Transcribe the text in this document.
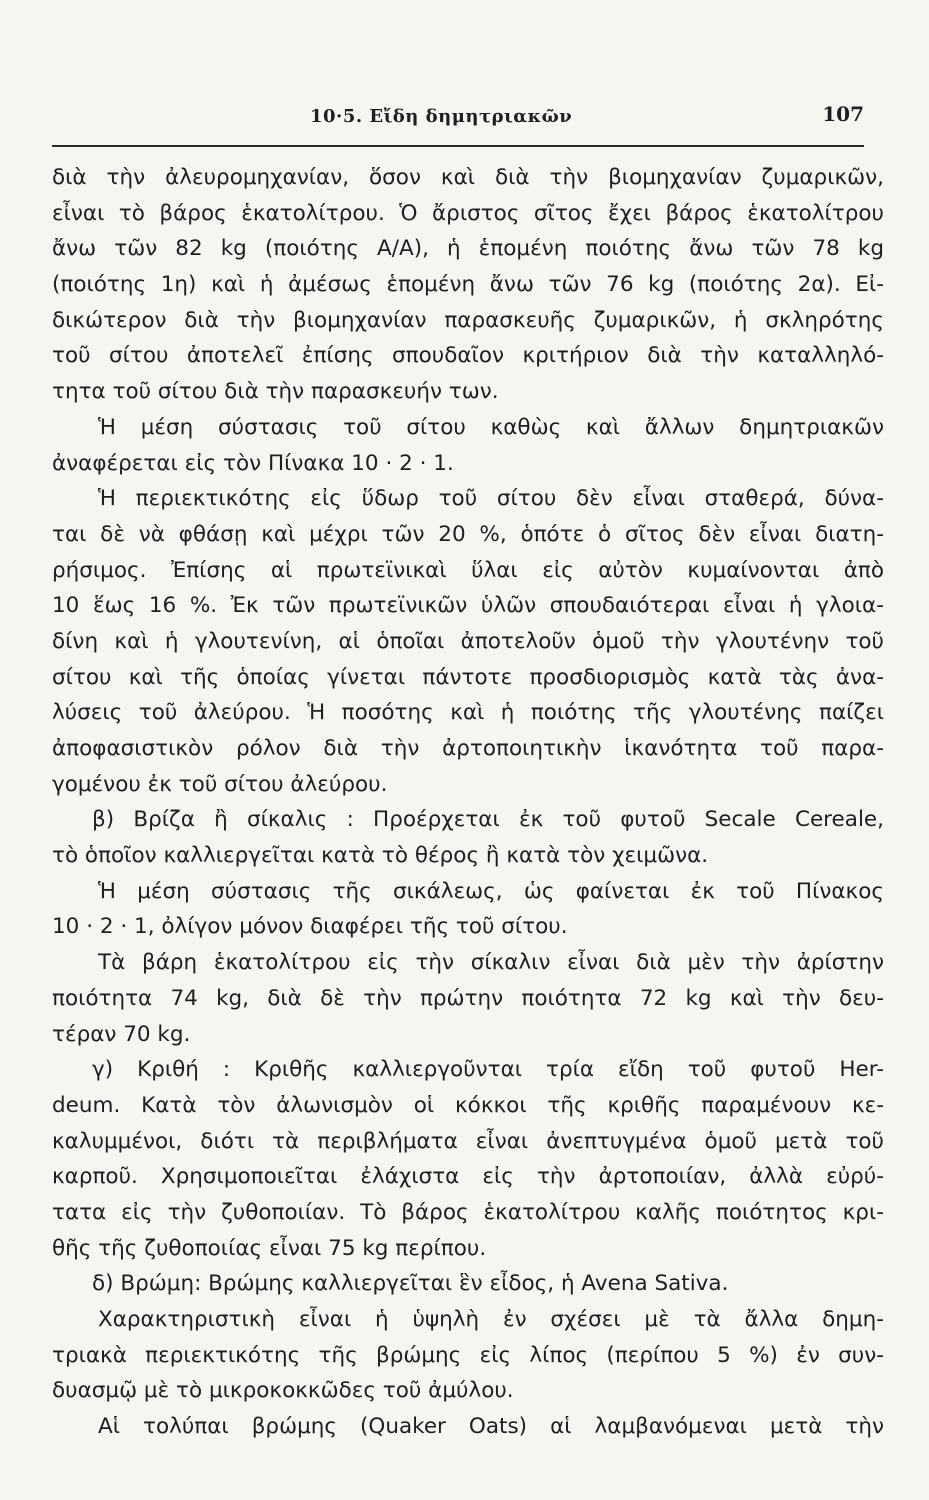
10·5. Εἴδη δημητριακῶν	107
διὰ τὴν ἀλευρομηχανίαν, ὅσον καὶ διὰ τὴν βιομηχανίαν ζυμαρικῶν,
εἶναι τὸ βάρος ἑκατολίτρου. Ὁ ἄριστος σῖτος ἔχει βάρος ἑκατολίτρου
ἄνω τῶν 82 kg (ποιότης Α/Α), ἡ ἑπομένη ποιότης ἄνω τῶν 78 kg
(ποιότης 1η) καὶ ἡ ἀμέσως ἑπομένη ἄνω τῶν 76 kg (ποιότης 2α). Εἰ-
δικώτερον διὰ τὴν βιομηχανίαν παρασκευῆς ζυμαρικῶν, ἡ σκληρότης
τοῦ σίτου ἀποτελεῖ ἐπίσης σπουδαῖον κριτήριον διὰ τὴν καταλληλό-
τητα τοῦ σίτου διὰ τὴν παρασκευήν των.
Ἡ μέση σύστασις τοῦ σίτου καθὼς καὶ ἄλλων δημητριακῶν
ἀναφέρεται εἰς τὸν Πίνακα 10 · 2 · 1.
Ἡ περιεκτικότης εἰς ὕδωρ τοῦ σίτου δὲν εἶναι σταθερά, δύνα-
ται δὲ νὰ φθάσῃ καὶ μέχρι τῶν 20 %, ὁπότε ὁ σῖτος δὲν εἶναι διατη-
ρήσιμος. Ἐπίσης αἱ πρωτεϊνικαὶ ὕλαι εἰς αὐτὸν κυμαίνονται ἀπὸ
10 ἕως 16 %. Ἐκ τῶν πρωτεϊνικῶν ὑλῶν σπουδαιότεραι εἶναι ἡ γλοια-
δίνη καὶ ἡ γλουτενίνη, αἱ ὁποῖαι ἀποτελοῦν ὁμοῦ τὴν γλουτένην τοῦ
σίτου καὶ τῆς ὁποίας γίνεται πάντοτε προσδιορισμὸς κατὰ τὰς ἀνα-
λύσεις τοῦ ἀλεύρου. Ἡ ποσότης καὶ ἡ ποιότης τῆς γλουτένης παίζει
ἀποφασιστικὸν ρόλον διὰ τὴν ἀρτοποιητικὴν ἱκανότητα τοῦ παρα-
γομένου ἐκ τοῦ σίτου ἀλεύρου.
β) Βρίζα ἢ σίκαλις : Προέρχεται ἐκ τοῦ φυτοῦ Secale Cereale,
τὸ ὁποῖον καλλιεργεῖται κατὰ τὸ θέρος ἢ κατὰ τὸν χειμῶνα.
Ἡ μέση σύστασις τῆς σικάλεως, ὡς φαίνεται ἐκ τοῦ Πίνακος
10 · 2 · 1, ὀλίγον μόνον διαφέρει τῆς τοῦ σίτου.
Τὰ βάρη ἑκατολίτρου εἰς τὴν σίκαλιν εἶναι διὰ μὲν τὴν ἀρίστην
ποιότητα 74 kg, διὰ δὲ τὴν πρώτην ποιότητα 72 kg καὶ τὴν δευ-
τέραν 70 kg.
γ) Κριθή : Κριθῆς καλλιεργοῦνται τρία εἴδη τοῦ φυτοῦ Her-
deum. Κατὰ τὸν ἀλωνισμὸν οἱ κόκκοι τῆς κριθῆς παραμένουν κε-
καλυμμένοι, διότι τὰ περιβλήματα εἶναι ἀνεπτυγμένα ὁμοῦ μετὰ τοῦ
καρποῦ. Χρησιμοποιεῖται ἐλάχιστα εἰς τὴν ἀρτοποιίαν, ἀλλὰ εὐρύ-
τατα εἰς τὴν ζυθοποιίαν. Τὸ βάρος ἑκατολίτρου καλῆς ποιότητος κρι-
θῆς τῆς ζυθοποιίας εἶναι 75 kg περίπου.
δ) Βρώμη: Βρώμης καλλιεργεῖται ἓν εἶδος, ἡ Avena Sativa.
Χαρακτηριστικὴ εἶναι ἡ ὑψηλὴ ἐν σχέσει μὲ τὰ ἄλλα δημη-
τριακὰ περιεκτικότης τῆς βρώμης εἰς λίπος (περίπου 5 %) ἐν συν-
δυασμῷ μὲ τὸ μικροκοκκῶδες τοῦ ἀμύλου.
Αἱ τολύπαι βρώμης (Quaker Oats) αἱ λαμβανόμεναι μετὰ τὴν
